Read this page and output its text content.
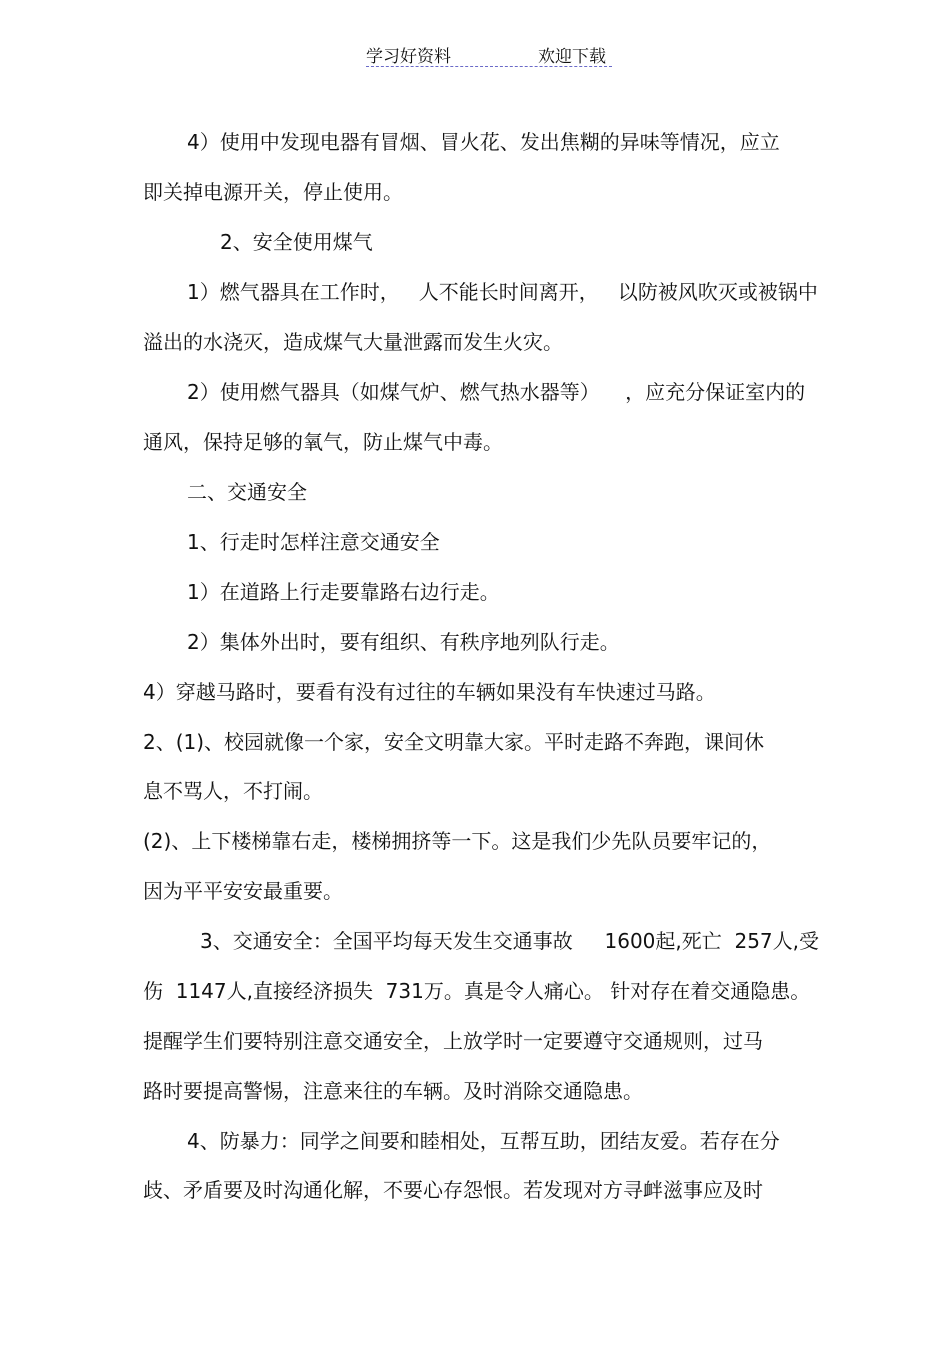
学习好资料	欢迎下载
4）使用中发现电器有冒烟、冒火花、发出焦糊的异味等情况，应立
即关掉电源开关，停止使用。
2、安全使用煤气
1）燃气器具在工作时，   人不能长时间离开，   以防被风吹灭或被锅中
溢出的水浇灭，造成煤气大量泄露而发生火灾。
2）使用燃气器具（如煤气炉、燃气热水器等）    ，应充分保证室内的
通风，保持足够的氧气，防止煤气中毒。
二、交通安全
1、行走时怎样注意交通安全
1）在道路上行走要靠路右边行走。
2）集体外出时，要有组织、有秩序地列队行走。
4）穿越马路时，要看有没有过往的车辆如果没有车快速过马路。
2、(1)、校园就像一个家，安全文明靠大家。平时走路不奔跑，课间休
息不骂人，不打闹。
(2)、上下楼梯靠右走，楼梯拥挤等一下。这是我们少先队员要牢记的，
因为平平安安最重要。
3、交通安全：全国平均每天发生交通事故     1600起,死亡  257人,受
伤  1147人,直接经济损失  731万。真是令人痛心。 针对存在着交通隐患。
提醒学生们要特别注意交通安全，上放学时一定要遵守交通规则，过马
路时要提高警惕，注意来往的车辆。及时消除交通隐患。
4、防暴力：同学之间要和睦相处，互帮互助，团结友爱。若存在分
歧、矛盾要及时沟通化解，不要心存怨恨。若发现对方寻衅滋事应及时
